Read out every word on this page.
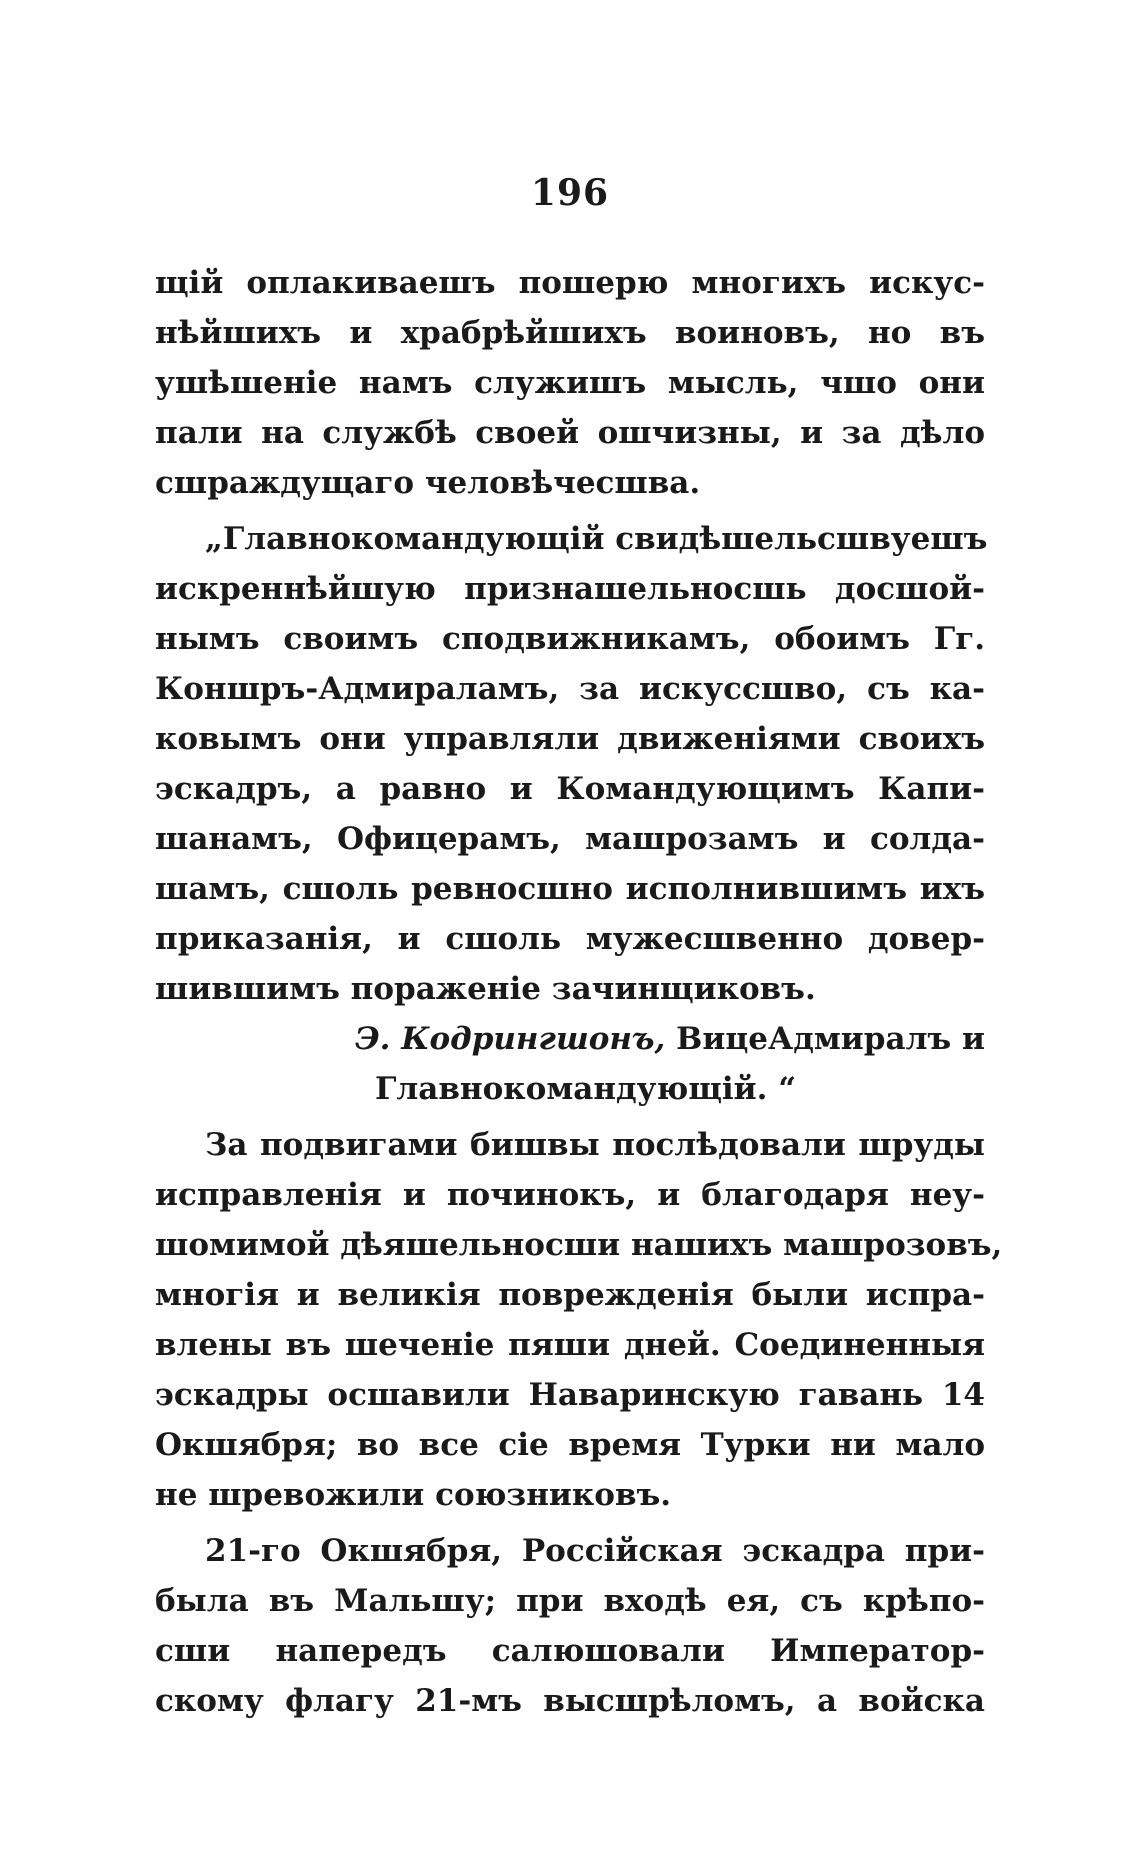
196
щій оплакиваешъ пошерю многихъ искус-
нѣйшихъ и храбрѣйшихъ воиновъ, но въ
ушѣшеніе намъ служишъ мысль, чшо они
пали на службѣ своей ошчизны, и за дѣло
сшраждущаго человѣчесшва.
„Главнокомандующій свидѣшельсшвуешъ
искреннѣйшую признашельносшь досшой-
нымъ своимъ сподвижникамъ, обоимъ Гг.
Коншръ-Адмираламъ, за искуссшво, съ ка-
ковымъ они управляли движеніями своихъ
эскадръ, а равно и Командующимъ Капи-
шанамъ, Офицерамъ, машрозамъ и солда-
шамъ, сшоль ревносшно исполнившимъ ихъ
приказанія, и сшоль мужесшвенно довер-
шившимъ пораженіе зачинщиковъ.
Э. Кодрингшонъ, ВицеАдмиралъ и
Главнокомандующій. “
За подвигами бишвы послѣдовали шруды
исправленія и починокъ, и благодаря неу-
шомимой дѣяшельносши нашихъ машрозовъ,
многія и великія поврежденія были испра-
влены въ шеченіе пяши дней. Соединенныя
эскадры осшавили Наваринскую гавань 14
Окшября; во все сіе время Турки ни мало
не шревожили союзниковъ.
21-го Окшября, Россійская эскадра при-
была въ Мальшу; при входѣ ея, съ крѣпо-
сши напередъ салюшовали Император-
скому флагу 21-мъ высшрѣломъ, а войска
